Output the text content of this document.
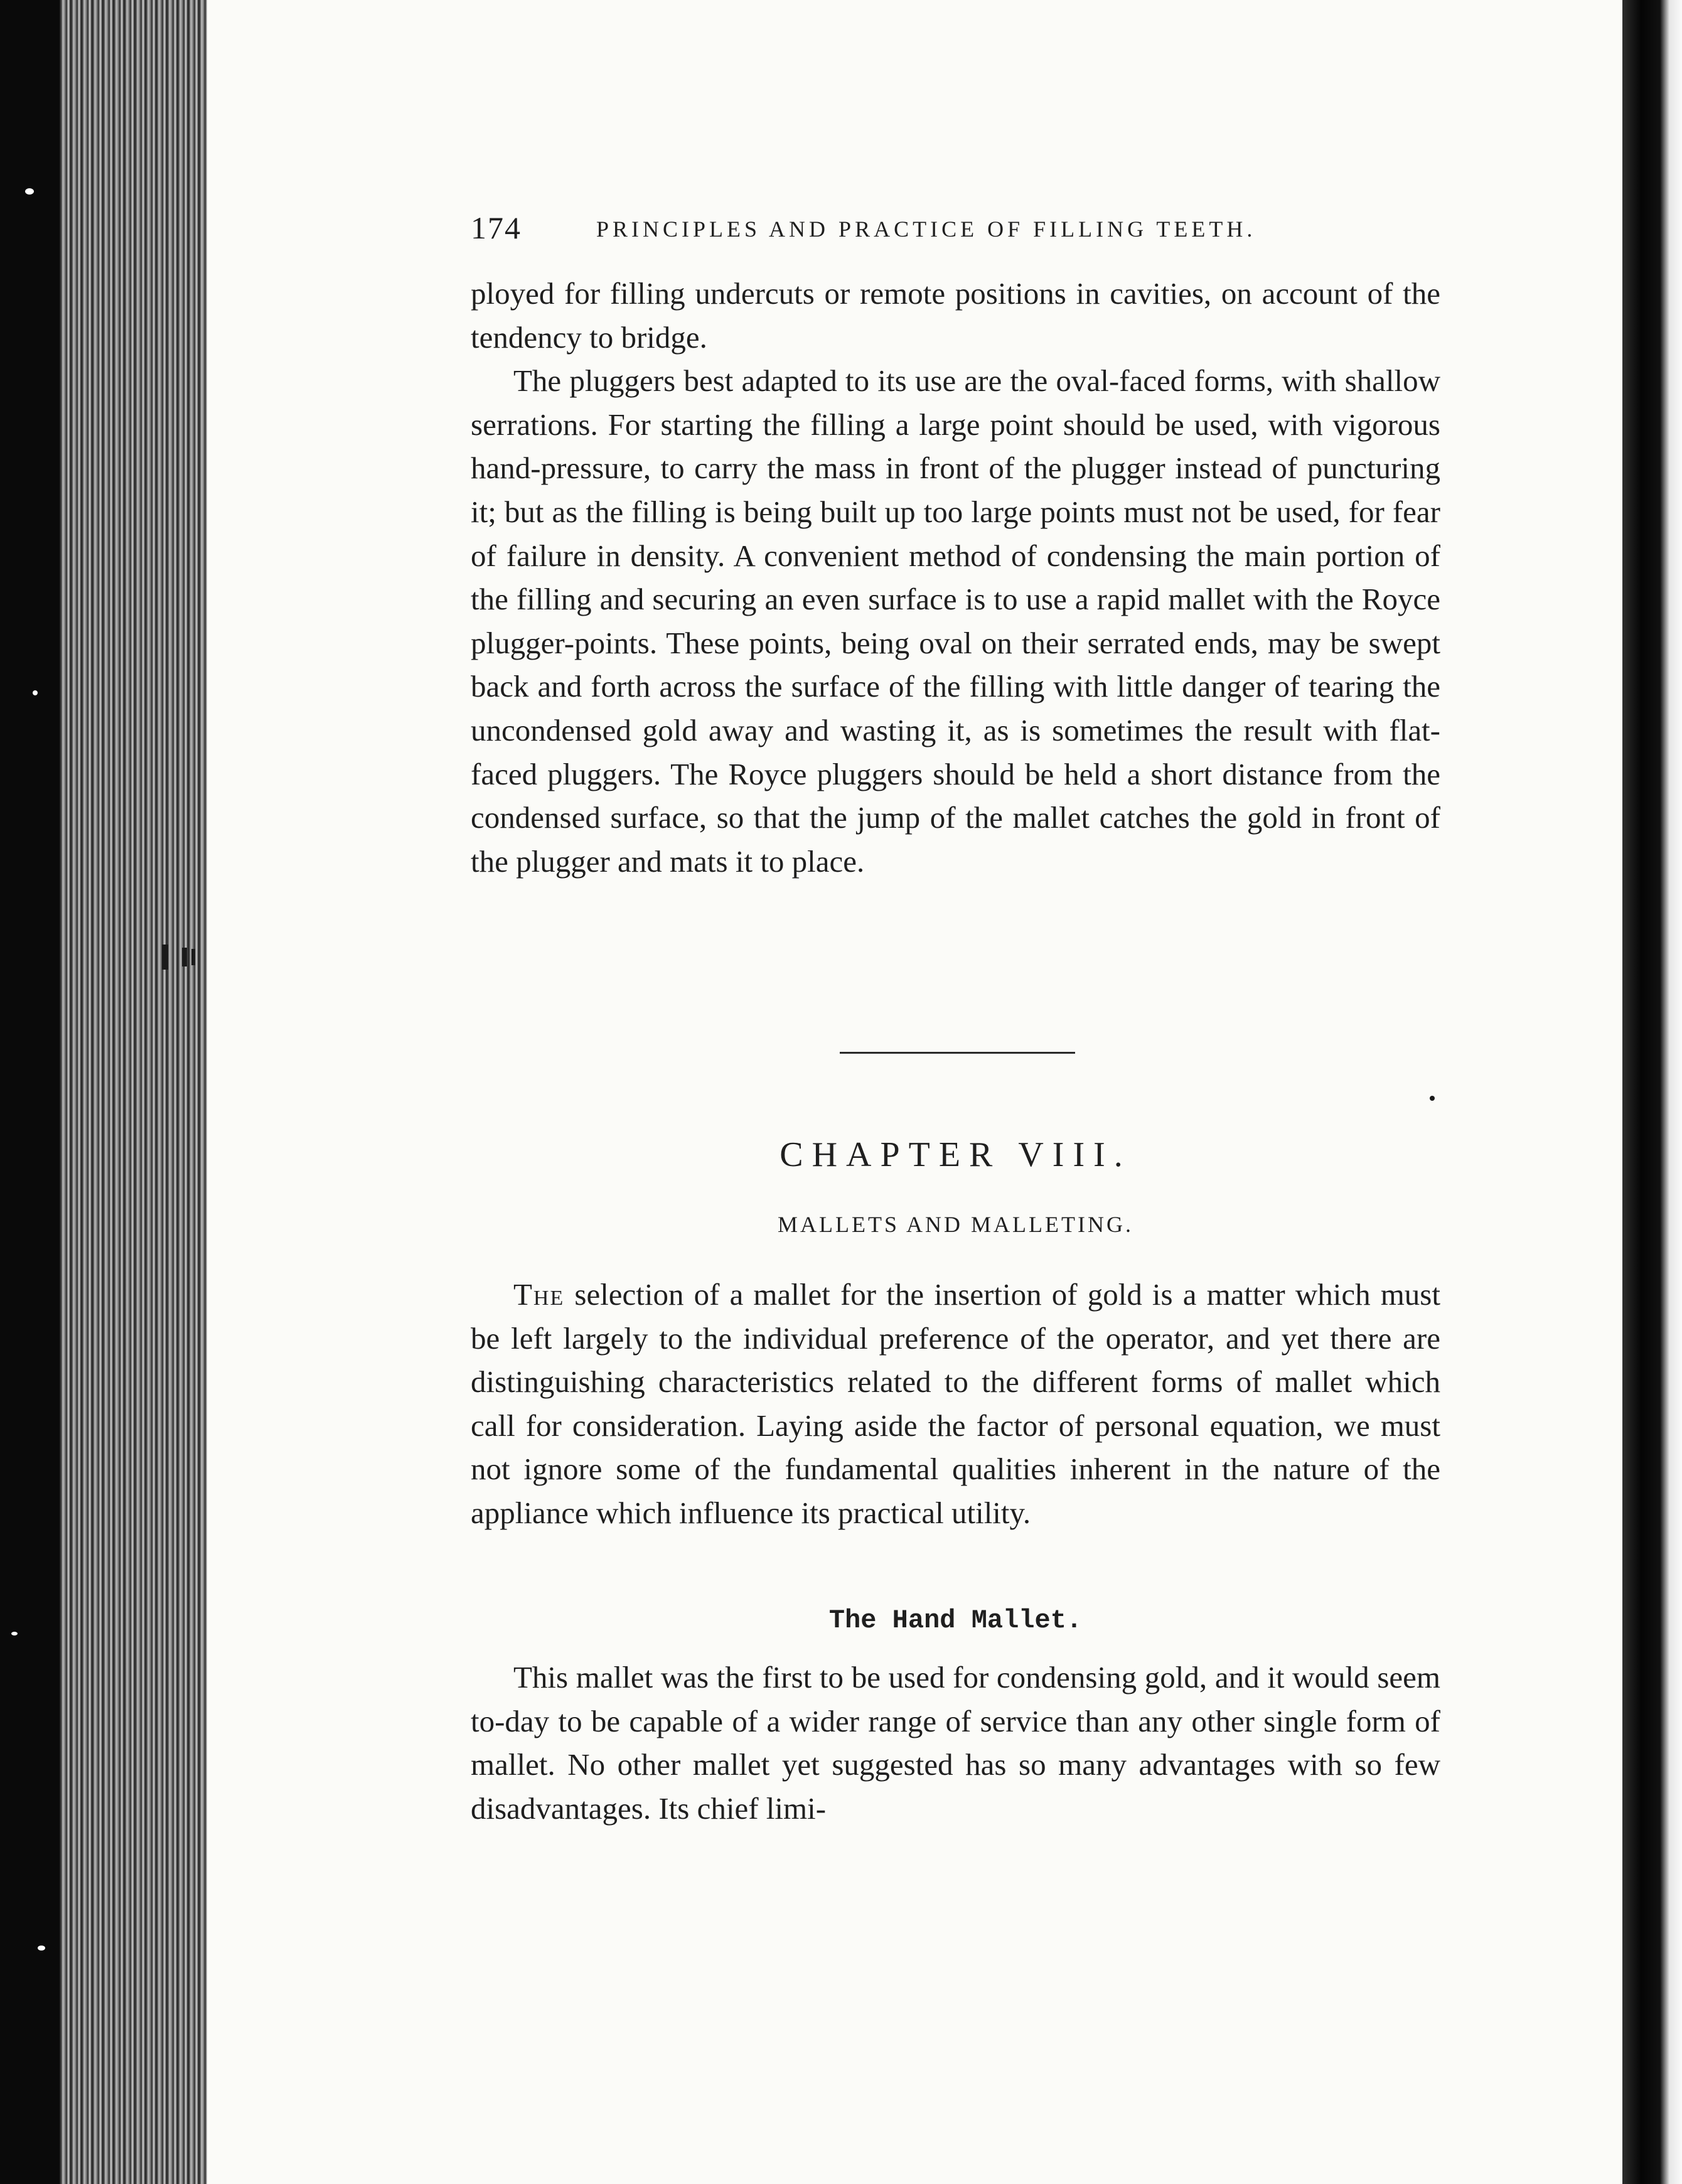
174	PRINCIPLES AND PRACTICE OF FILLING TEETH.

ployed for filling undercuts or remote positions in cavities, on account of the tendency to bridge.

The pluggers best adapted to its use are the oval-faced forms, with shallow serrations. For starting the filling a large point should be used, with vigorous hand-pressure, to carry the mass in front of the plugger instead of puncturing it; but as the filling is being built up too large points must not be used, for fear of failure in density. A convenient method of condensing the main portion of the filling and securing an even surface is to use a rapid mallet with the Royce plugger-points. These points, being oval on their serrated ends, may be swept back and forth across the surface of the filling with little danger of tearing the uncondensed gold away and wasting it, as is sometimes the result with flat-faced pluggers. The Royce pluggers should be held a short distance from the condensed surface, so that the jump of the mallet catches the gold in front of the plugger and mats it to place.

CHAPTER VIII.
MALLETS AND MALLETING.

The selection of a mallet for the insertion of gold is a matter which must be left largely to the individual preference of the operator, and yet there are distinguishing characteristics related to the different forms of mallet which call for consideration. Laying aside the factor of personal equation, we must not ignore some of the fundamental qualities inherent in the nature of the appliance which influence its practical utility.

The Hand Mallet.

This mallet was the first to be used for condensing gold, and it would seem to-day to be capable of a wider range of service than any other single form of mallet. No other mallet yet suggested has so many advantages with so few disadvantages. Its chief limi-
